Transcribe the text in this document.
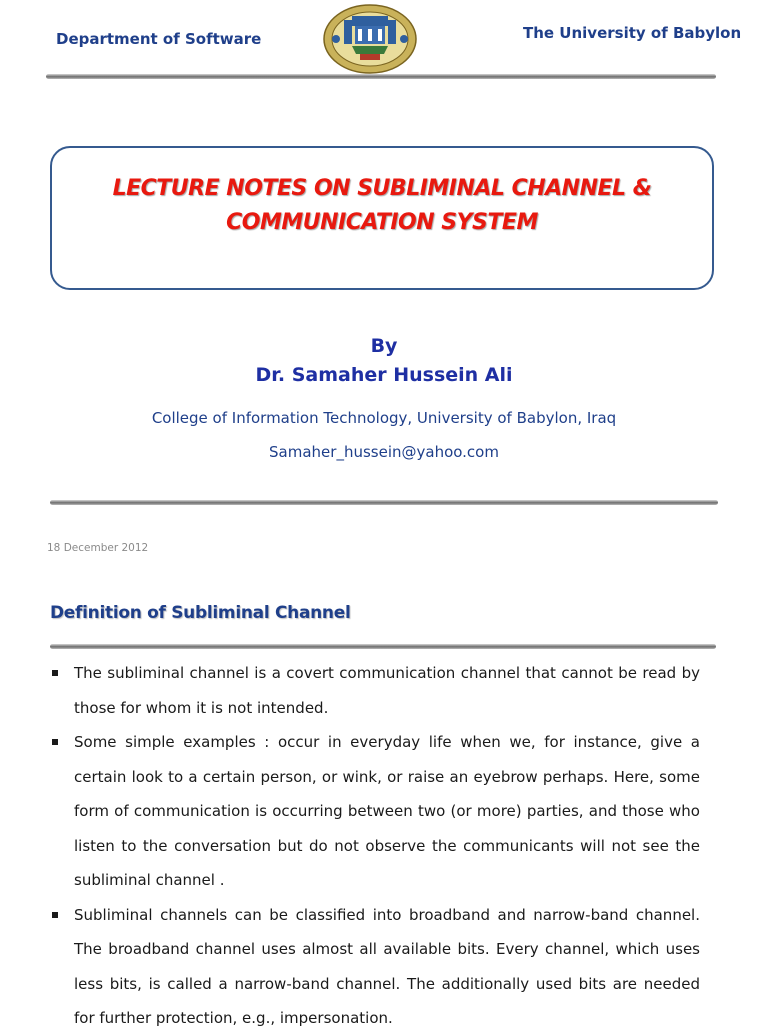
Department of Software	The University of Babylon
LECTURE NOTES ON SUBLIMINAL CHANNEL &
COMMUNICATION SYSTEM
By
Dr. Samaher Hussein Ali
College of Information Technology, University of Babylon, Iraq
Samaher_hussein@yahoo.com
18 December 2012
Definition of Subliminal Channel
The subliminal channel is a covert communication channel that cannot be read by those for whom it is not intended.
Some simple examples : occur in everyday life when we, for instance, give a certain look to a certain person, or wink, or raise an eyebrow perhaps. Here, some form of communication is occurring between two (or more) parties, and those who listen to the conversation but do not observe the communicants will not see the subliminal channel .
Subliminal channels can be classified into broadband and narrow-band channel. The broadband channel uses almost all available bits. Every channel, which uses less bits, is called a narrow-band channel. The additionally used bits are needed for further protection, e.g., impersonation.
